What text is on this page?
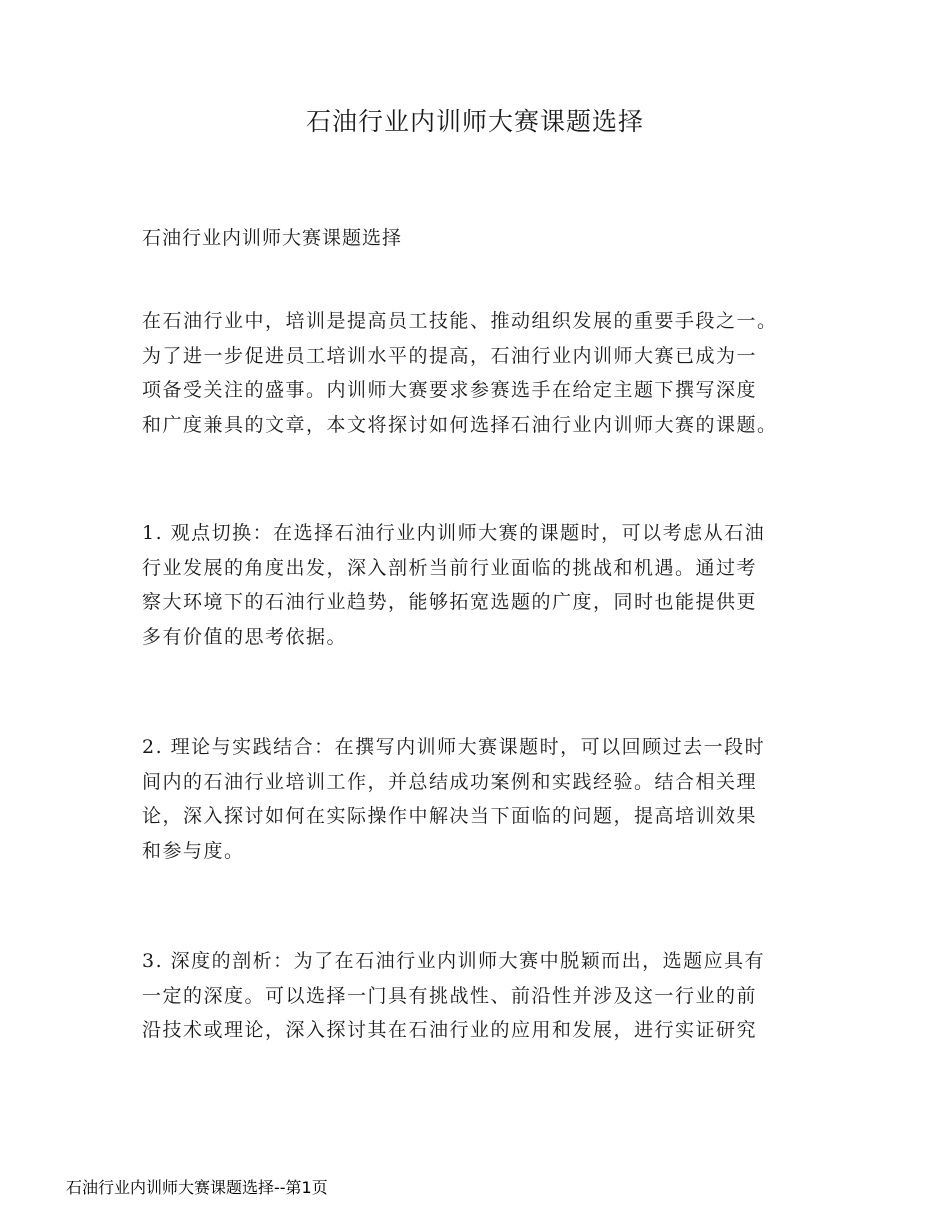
石油行业内训师大赛课题选择

石油行业内训师大赛课题选择

在石油行业中，培训是提高员工技能、推动组织发展的重要手段之一。
为了进一步促进员工培训水平的提高，石油行业内训师大赛已成为一
项备受关注的盛事。内训师大赛要求参赛选手在给定主题下撰写深度
和广度兼具的文章，本文将探讨如何选择石油行业内训师大赛的课题。

1. 观点切换：在选择石油行业内训师大赛的课题时，可以考虑从石油
行业发展的角度出发，深入剖析当前行业面临的挑战和机遇。通过考
察大环境下的石油行业趋势，能够拓宽选题的广度，同时也能提供更
多有价值的思考依据。

2. 理论与实践结合：在撰写内训师大赛课题时，可以回顾过去一段时
间内的石油行业培训工作，并总结成功案例和实践经验。结合相关理
论，深入探讨如何在实际操作中解决当下面临的问题，提高培训效果
和参与度。

3. 深度的剖析：为了在石油行业内训师大赛中脱颖而出，选题应具有
一定的深度。可以选择一门具有挑战性、前沿性并涉及这一行业的前
沿技术或理论，深入探讨其在石油行业的应用和发展，进行实证研究

石油行业内训师大赛课题选择--第1页
